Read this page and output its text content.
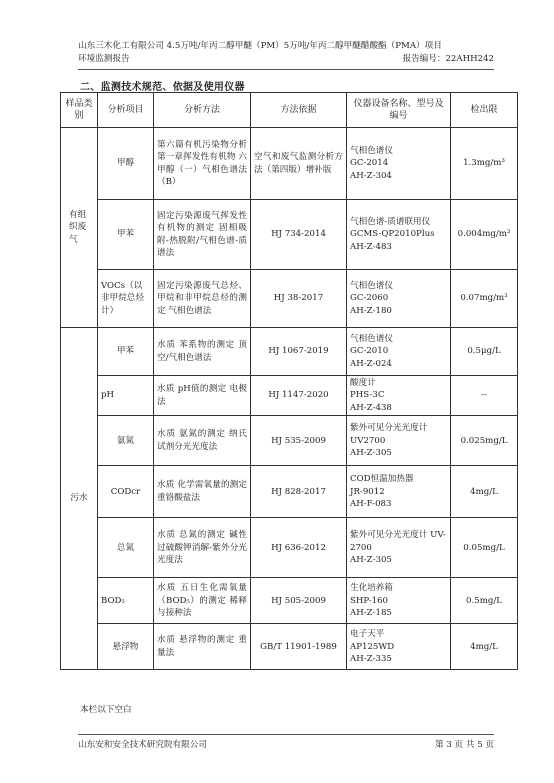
山东三木化工有限公司 4.5万吨/年丙二醇甲醚（PM）5万吨/年丙二醇甲醚醋酸酯（PMA）项目
环境监测报告	报告编号：22AHH242
二、监测技术规范、依据及使用仪器
样品类别	分析项目	分析方法	方法依据	仪器设备名称、型号及编号	检出限
有组织废气	甲醇	第六篇有机污染物分析第一章挥发性有机物 六甲醇（一）气相色谱法（B）	空气和废气监测分析方法（第四版）增补版	气相色谱仪
GC-2014
AH-Z-304	1.3mg/m³
	甲苯	固定污染源废气挥发性有机物的测定 固相吸附-热脱附/气相色谱-质谱法	HJ 734-2014	气相色谱-质谱联用仪
GCMS-QP2010Plus
AH-Z-483	0.004mg/m³
	VOCs（以非甲烷总烃计）	固定污染源废气总烃、甲烷和非甲烷总烃的测定 气相色谱法	HJ 38-2017	气相色谱仪
GC-2060
AH-Z-180	0.07mg/m³
污水	甲苯	水质 苯系物的测定 顶空/气相色谱法	HJ 1067-2019	气相色谱仪
GC-2010
AH-Z-024	0.5μg/L
	pH	水质 pH值的测定 电极法	HJ 1147-2020	酸度计
PHS-3C
AH-Z-438	--
	氨氮	水质 氨氮的测定 纳氏试剂分光光度法	HJ 535-2009	紫外可见分光光度计 UV2700
AH-Z-305	0.025mg/L
	CODcr	水质 化学需氧量的测定 重铬酸盐法	HJ 828-2017	COD恒温加热器
JR-9012
AH-F-083	4mg/L
	总氮	水质 总氮的测定 碱性过硫酸钾消解-紫外分光光度法	HJ 636-2012	紫外可见分光光度计 UV-2700
AH-Z-305	0.05mg/L
	BOD₅	水质 五日生化需氧量（BOD₅）的测定 稀释与接种法	HJ 505-2009	生化培养箱
SHP-160
AH-Z-185	0.5mg/L
	悬浮物	水质 悬浮物的测定 重量法	GB/T 11901-1989	电子天平
AP125WD
AH-Z-335	4mg/L
本栏以下空白
山东安和安全技术研究院有限公司	第 3 页 共 5 页
